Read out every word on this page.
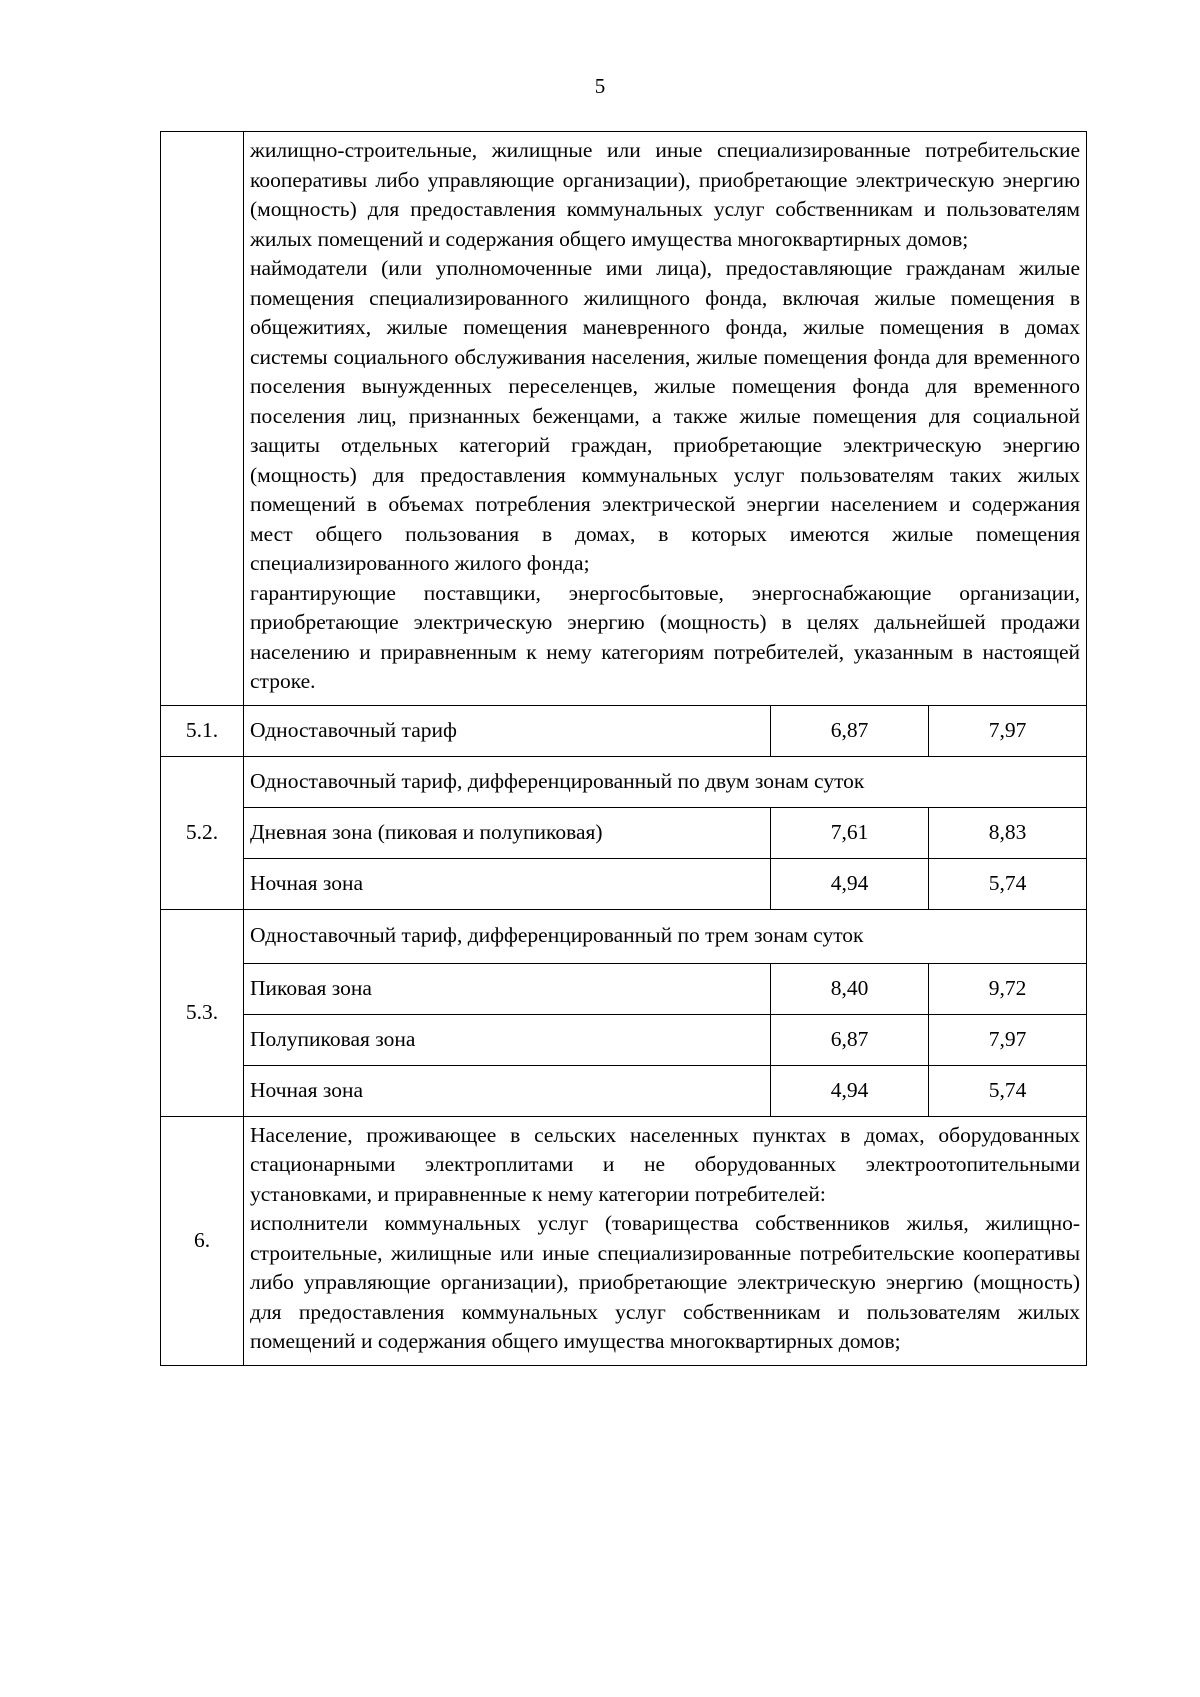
5

	жилищно-строительные, жилищные или иные специализированные потребительские кооперативы либо управляющие организации), приобретающие электрическую энергию (мощность) для предоставления коммунальных услуг собственникам и пользователям жилых помещений и содержания общего имущества многоквартирных домов;
наймодатели (или уполномоченные ими лица), предоставляющие гражданам жилые помещения специализированного жилищного фонда, включая жилые помещения в общежитиях, жилые помещения маневренного фонда, жилые помещения в домах системы социального обслуживания населения, жилые помещения фонда для временного поселения вынужденных переселенцев, жилые помещения фонда для временного поселения лиц, признанных беженцами, а также жилые помещения для социальной защиты отдельных категорий граждан, приобретающие электрическую энергию (мощность) для предоставления коммунальных услуг пользователям таких жилых помещений в объемах потребления электрической энергии населением и содержания мест общего пользования в домах, в которых имеются жилые помещения специализированного жилого фонда;
гарантирующие поставщики, энергосбытовые, энергоснабжающие организации, приобретающие электрическую энергию (мощность) в целях дальнейшей продажи населению и приравненным к нему категориям потребителей, указанным в настоящей строке.		

5.1.	Одноставочный тариф	6,87	7,97
5.2.	Одноставочный тариф, дифференцированный по двум зонам суток		
	Дневная зона (пиковая и полупиковая)	7,61	8,83
	Ночная зона	4,94	5,74
5.3.	Одноставочный тариф, дифференцированный по трем зонам суток		
	Пиковая зона	8,40	9,72
	Полупиковая зона	6,87	7,97
	Ночная зона	4,94	5,74
6.	Население, проживающее в сельских населенных пунктах в домах, оборудованных стационарными электроплитами и не оборудованных электроотопительными установками, и приравненные к нему категории потребителей:
исполнители коммунальных услуг (товарищества собственников жилья, жилищно-строительные, жилищные или иные специализированные потребительские кооперативы либо управляющие организации), приобретающие электрическую энергию (мощность) для предоставления коммунальных услуг собственникам и пользователям жилых помещений и содержания общего имущества многоквартирных домов;		
